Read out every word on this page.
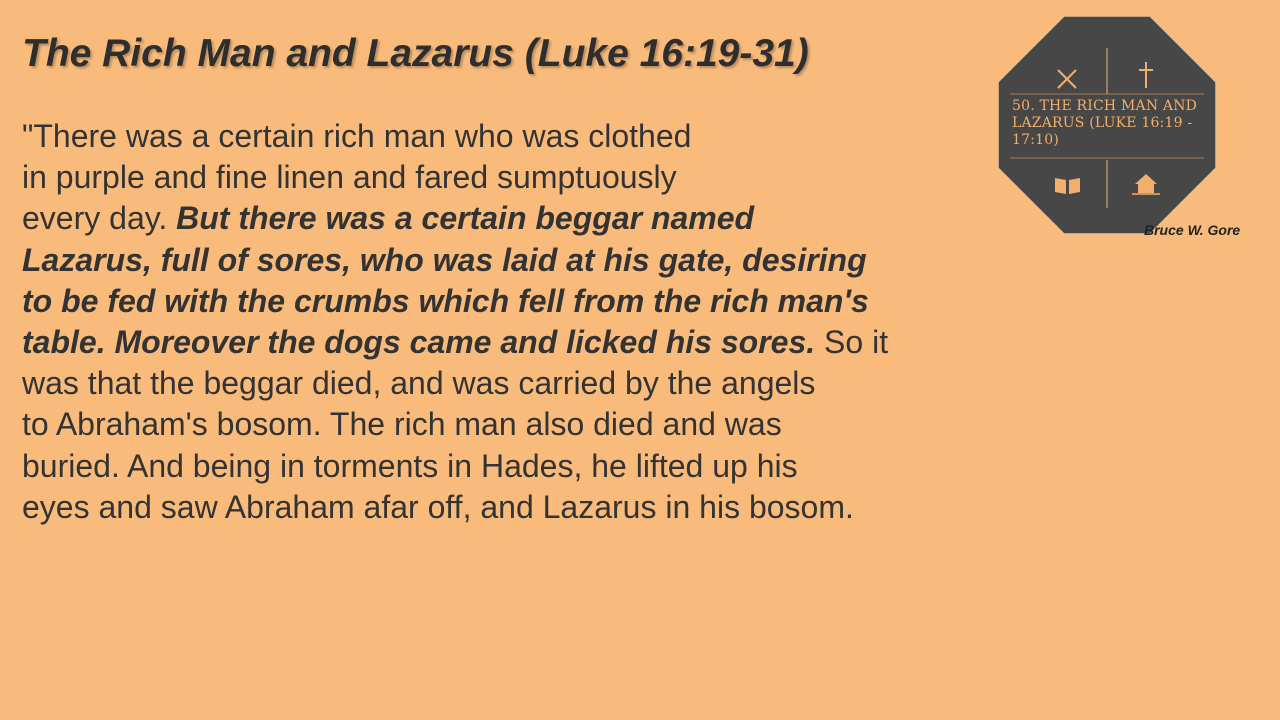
The Rich Man and Lazarus (Luke 16:19-31)

"There was a certain rich man who was clothed
in purple and fine linen and fared sumptuously
every day. But there was a certain beggar named
Lazarus, full of sores, who was laid at his gate, desiring
to be fed with the crumbs which fell from the rich man's
table. Moreover the dogs came and licked his sores. So it
was that the beggar died, and was carried by the angels
to Abraham's bosom. The rich man also died and was
buried. And being in torments in Hades, he lifted up his
eyes and saw Abraham afar off, and Lazarus in his bosom.

50. THE RICH MAN AND LAZARUS (LUKE 16:19 - 17:10)

Bruce W. Gore
